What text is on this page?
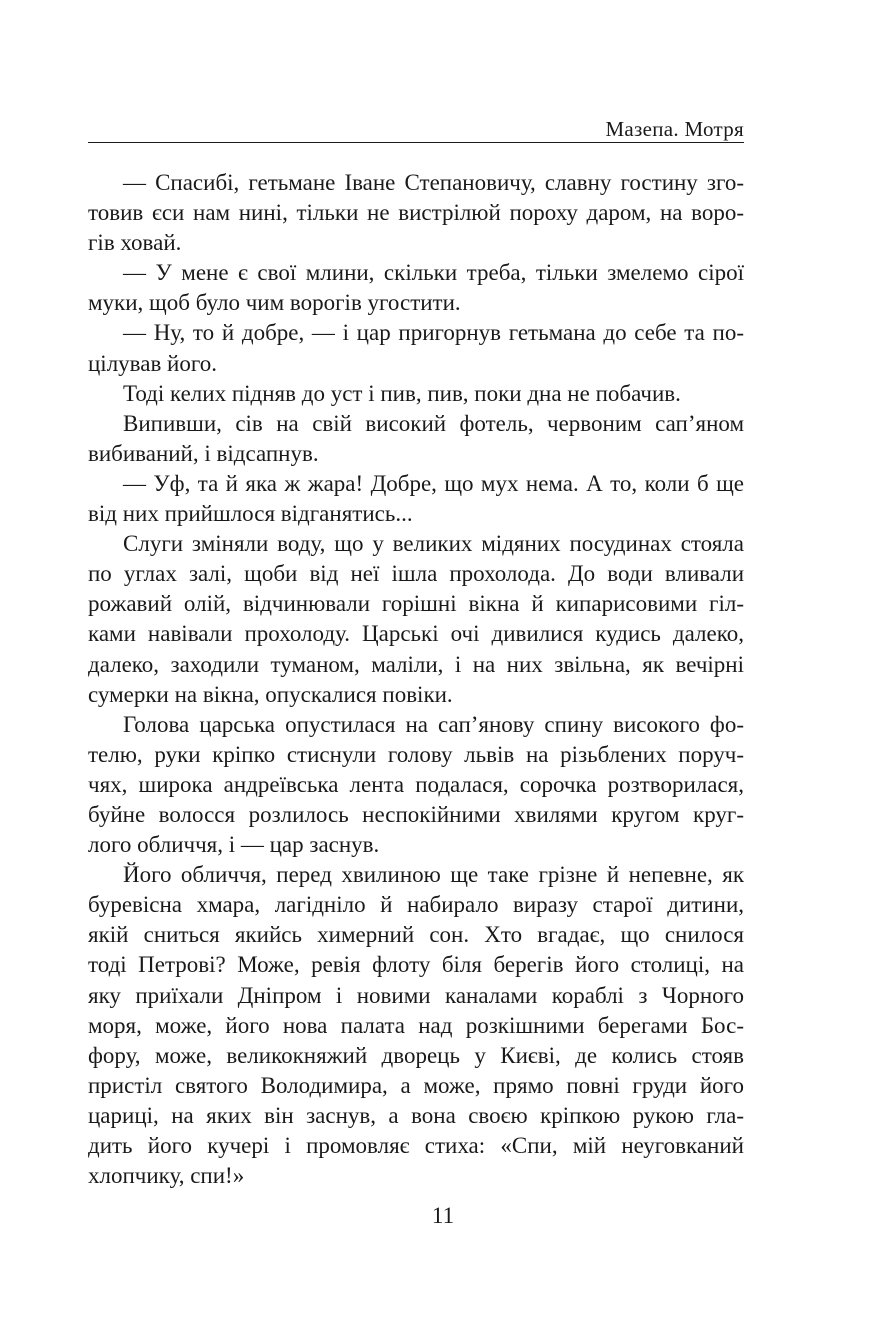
Мазепа. Мотря
— Спасибі, гетьмане Іване Степановичу, славну гостину зго-
товив єси нам нині, тільки не вистрілюй пороху даром, на воро-
гів ховай.
— У мене є свої млини, скільки треба, тільки змелемо сірої
муки, щоб було чим ворогів угостити.
— Ну, то й добре, — і цар пригорнув гетьмана до себе та по-
цілував його.
Тоді келих підняв до уст і пив, пив, поки дна не побачив.
Випивши, сів на свій високий фотель, червоним сап’яном
вибиваний, і відсапнув.
— Уф, та й яка ж жара! Добре, що мух нема. А то, коли б ще
від них прийшлося відганятись...
Слуги зміняли воду, що у великих мідяних посудинах стояла
по углах залі, щоби від неї ішла прохолода. До води вливали
рожавий олій, відчинювали горішні вікна й кипарисовими гіл-
ками навівали прохолоду. Царські очі дивилися кудись далеко,
далеко, заходили туманом, маліли, і на них звільна, як вечірні
сумерки на вікна, опускалися повіки.
Голова царська опустилася на сап’янову спину високого фо-
телю, руки кріпко стиснули голову львів на різьблених поруч-
чях, широка андреївська лента подалася, сорочка розтворилася,
буйне волосся розлилось неспокійними хвилями кругом круг-
лого обличчя, і — цар заснув.
Його обличчя, перед хвилиною ще таке грізне й непевне, як
буревісна хмара, лагідніло й набирало виразу старої дитини,
якій сниться якийсь химерний сон. Хто вгадає, що снилося
тоді Петрові? Може, ревія флоту біля берегів його столиці, на
яку приїхали Дніпром і новими каналами кораблі з Чорного
моря, може, його нова палата над розкішними берегами Бос-
фору, може, великокняжий дворець у Києві, де колись стояв
пристіл святого Володимира, а може, прямо повні груди його
цариці, на яких він заснув, а вона своєю кріпкою рукою гла-
дить його кучері і промовляє стиха: «Спи, мій неуговканий
хлопчику, спи!»
11
